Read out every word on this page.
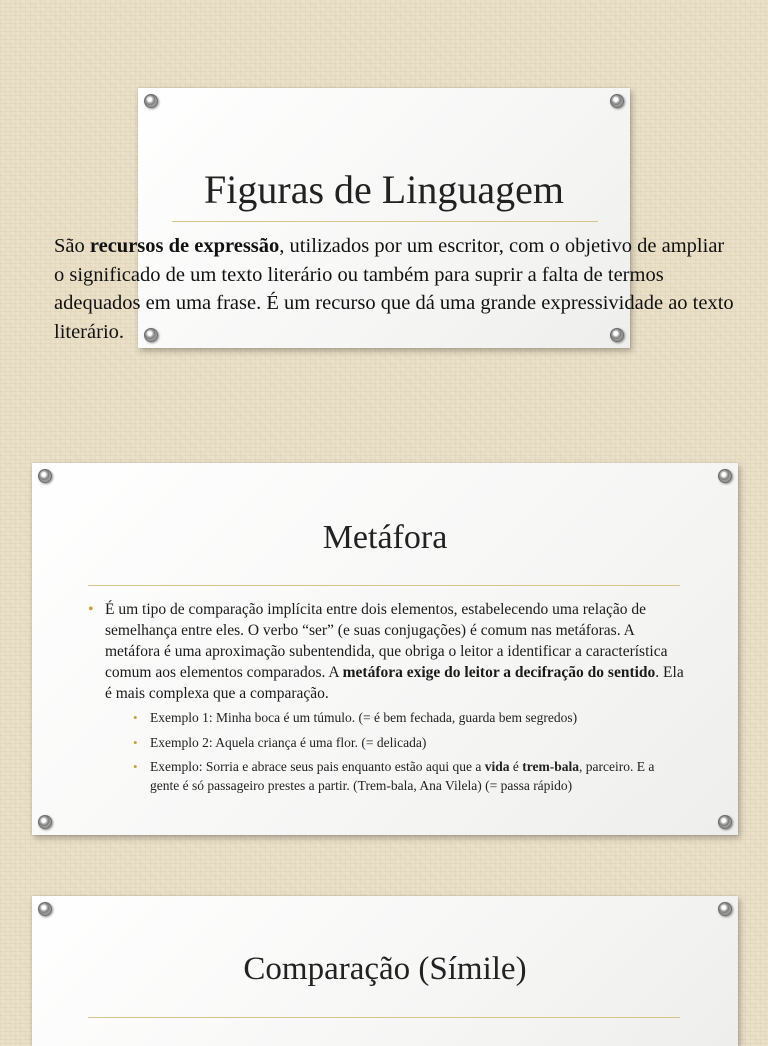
Figuras de Linguagem

São recursos de expressão, utilizados por um escritor, com o objetivo de ampliar o significado de um texto literário ou também para suprir a falta de termos adequados em uma frase. É um recurso que dá uma grande expressividade ao texto literário.

Metáfora
• É um tipo de comparação implícita entre dois elementos, estabelecendo uma relação de semelhança entre eles. O verbo “ser” (e suas conjugações) é comum nas metáforas. A metáfora é uma aproximação subentendida, que obriga o leitor a identificar a característica comum aos elementos comparados. A metáfora exige do leitor a decifração do sentido. Ela é mais complexa que a comparação.
• Exemplo 1: Minha boca é um túmulo. (= é bem fechada, guarda bem segredos)
• Exemplo 2: Aquela criança é uma flor. (= delicada)
• Exemplo: Sorria e abrace seus pais enquanto estão aqui que a vida é trem-bala, parceiro. E a gente é só passageiro prestes a partir. (Trem-bala, Ana Vilela) (= passa rápido)
Comparação (Símile)
